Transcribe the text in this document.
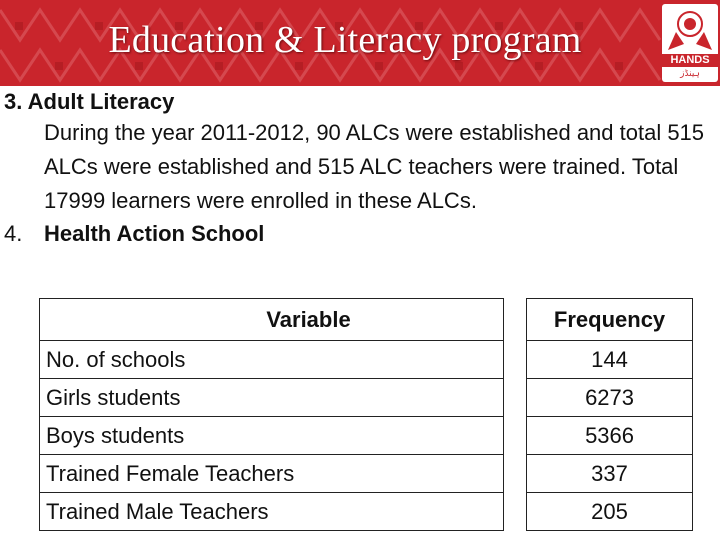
Education & Literacy program	HANDS
ہینڈز

3. Adult Literacy

During the year 2011-2012, 90 ALCs were established and total 515 ALCs were established and 515 ALC teachers were trained. Total 17999 learners were enrolled in these ALCs.

4. Health Action School

Variable		Frequency
No. of schools		144
Girls students		6273
Boys students		5366
Trained Female Teachers		337
Trained Male Teachers		205
